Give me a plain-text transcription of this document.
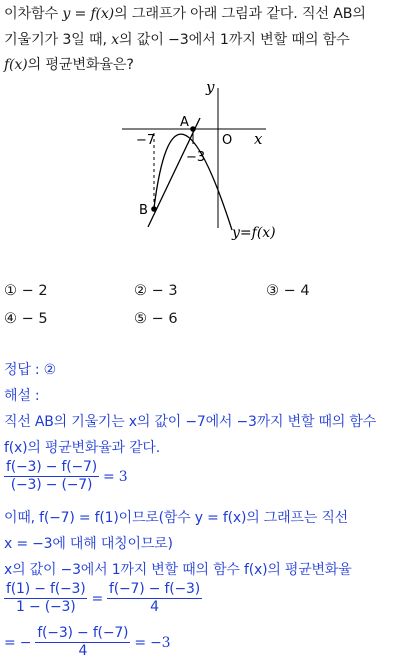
이차함수 y = f(x)의 그래프가 아래 그림과 같다. 직선 AB의

기울기가 3일 때, x의 값이 −3에서 1까지 변할 때의 함수

f(x)의 평균변화율은?

y
x
O
−7
A
B
−3
y=f(x)
① − 2	② − 3	③ − 4
④ − 5	⑤ − 6
정답 : ②
해설 :
직선 AB의 기울기는 x의 값이 −7에서 −3까지 변할 때의 함수
f(x)의 평균변화율과 같다.
$\frac{f(-3) - f(-7)}{(-3) - (-7)} = 3$
이때, f(−7) = f(1)이므로(함수 y = f(x)의 그래프는 직선
x = −3에 대해 대칭이므로)
x의 값이 −3에서 1까지 변할 때의 함수 f(x)의 평균변화율
$\frac{f(1) - f(-3)}{1 - (-3)} = \frac{f(-7) - f(-3)}{4}$
= − $\frac{f(-3) - f(-7)}{4} = -3$
